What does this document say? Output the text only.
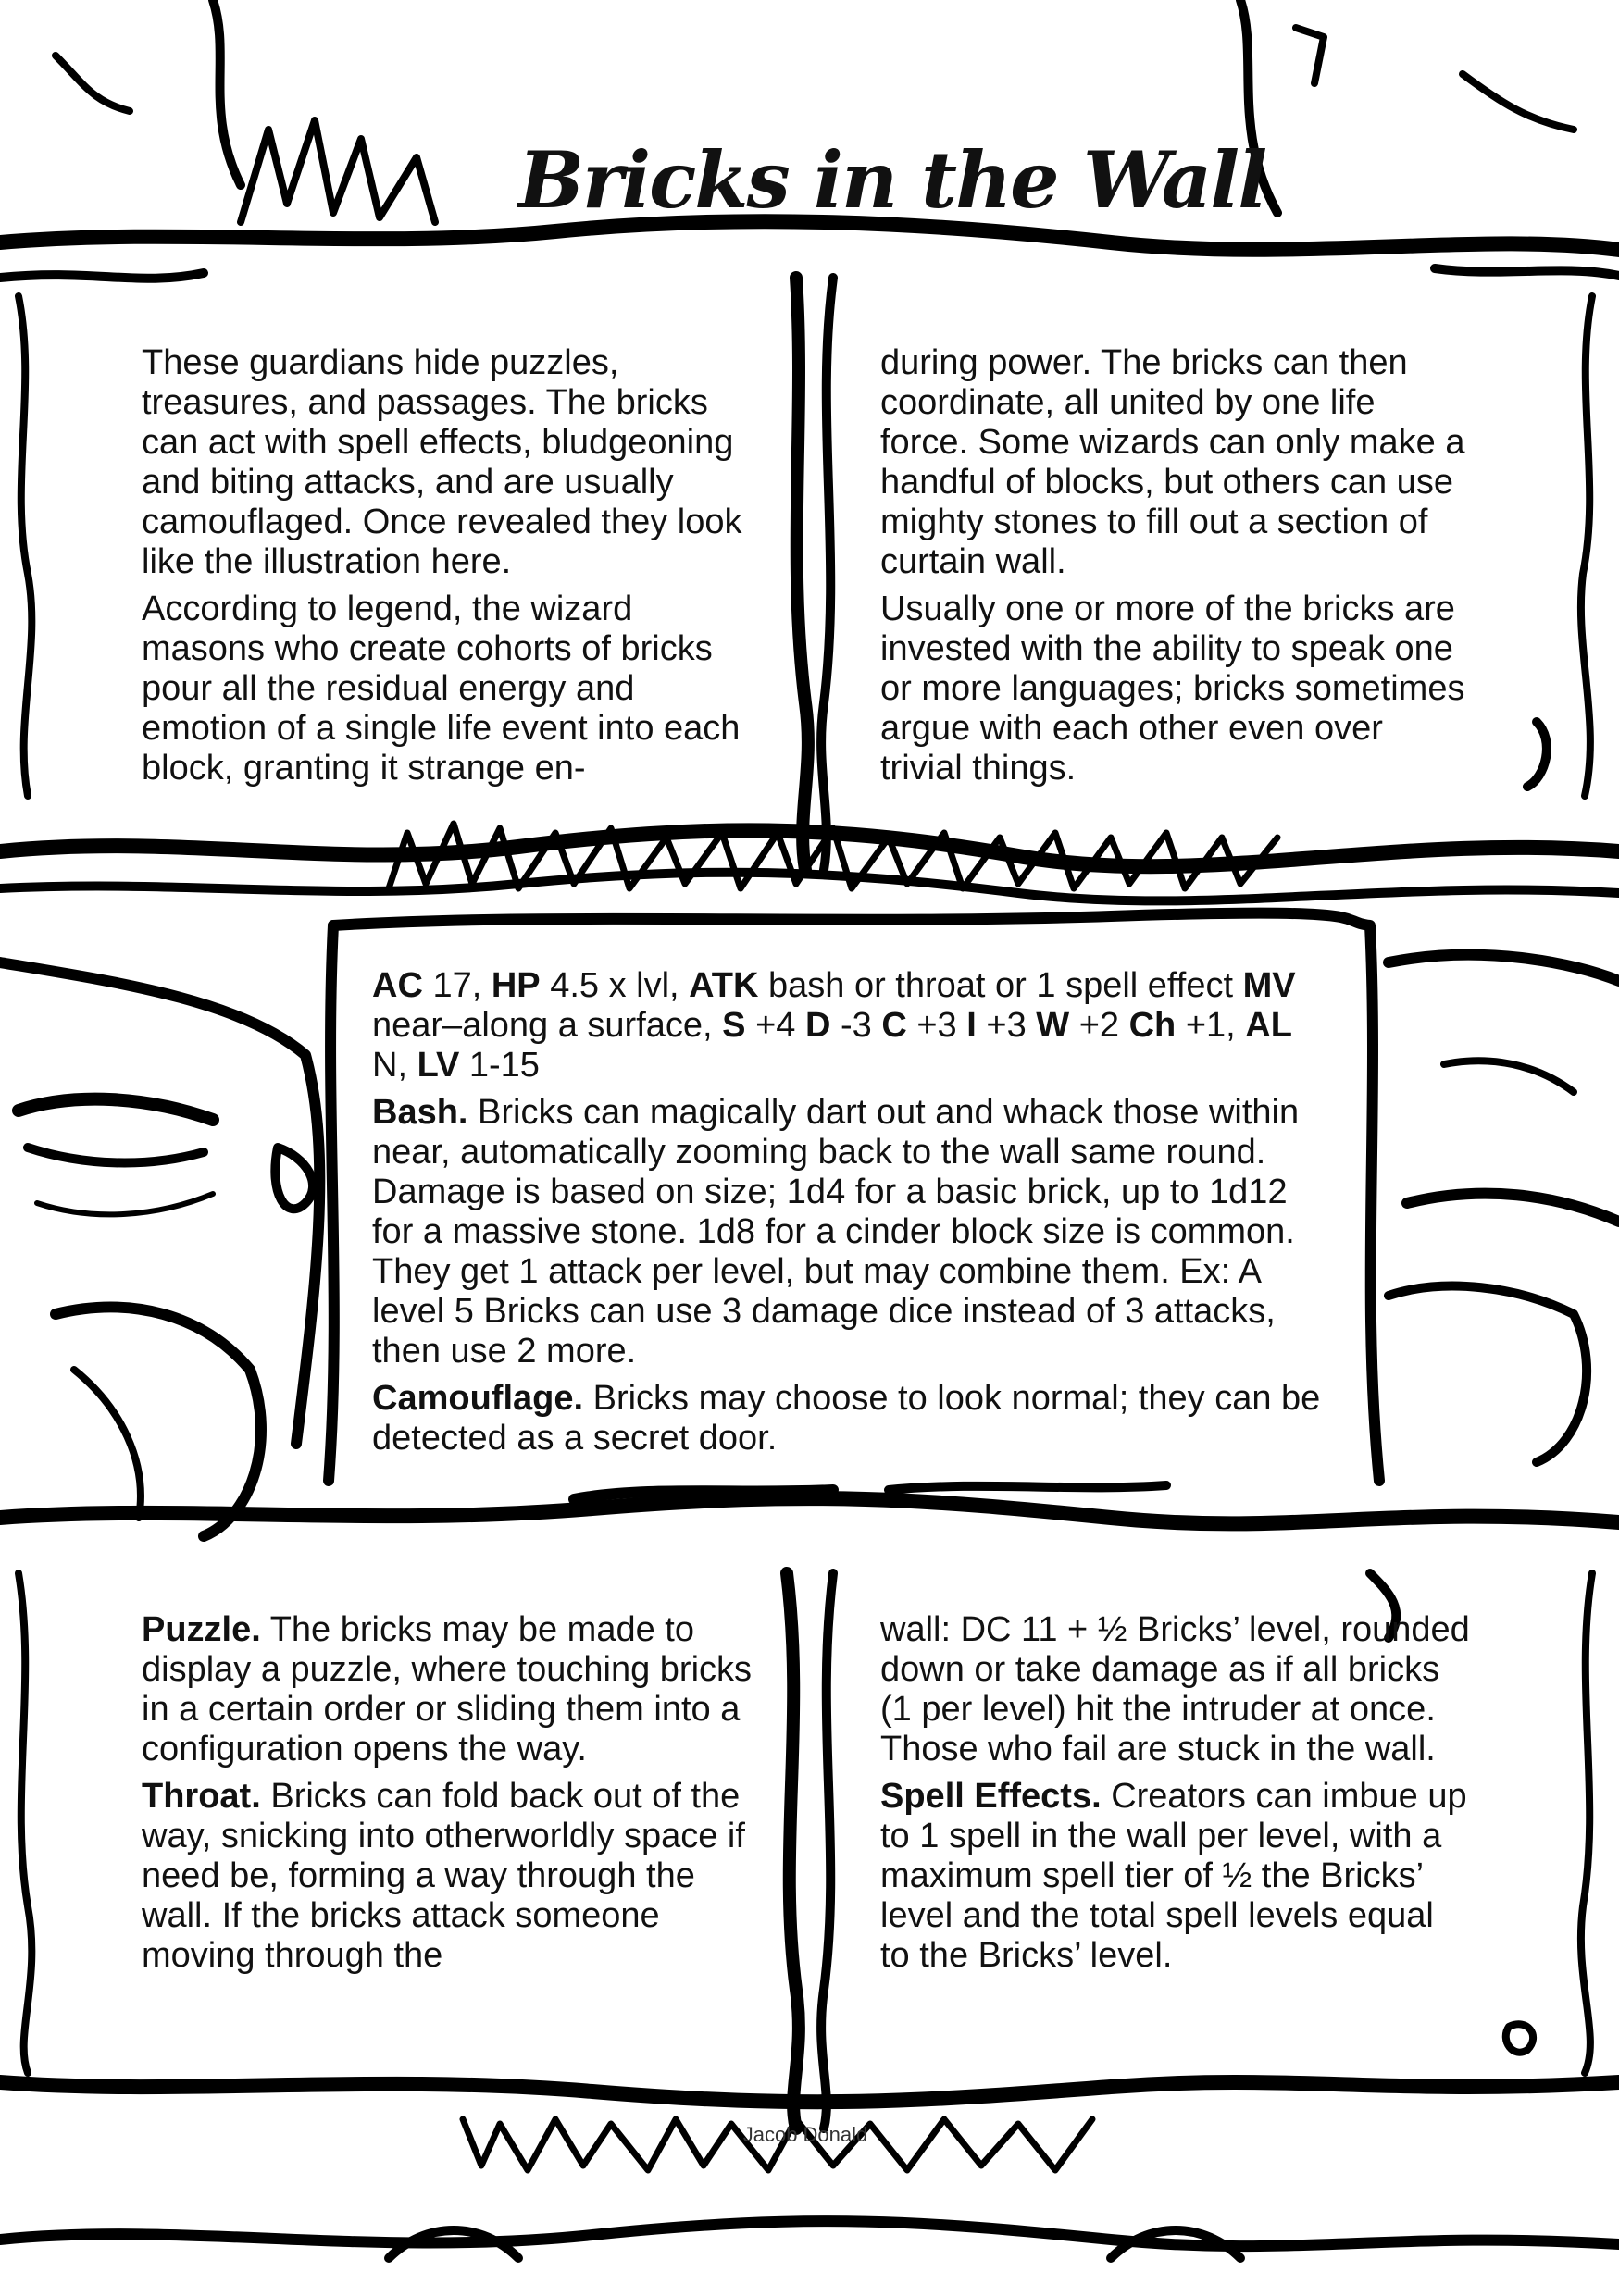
Bricks in the Wall

These guardians hide puzzles, treasures, and passages. The bricks can act with spell effects, bludgeoning and biting attacks, and are usually camouflaged. Once revealed they look like the illustration here.

According to legend, the wizard masons who create cohorts of bricks pour all the residual energy and emotion of a single life event into each block, granting it strange en-

during power. The bricks can then coordinate, all united by one life force. Some wizards can only make a handful of blocks, but others can use mighty stones to fill out a section of curtain wall.

Usually one or more of the bricks are invested with the ability to speak one or more languages; bricks sometimes argue with each other even over trivial things.

AC 17, HP 4.5 x lvl, ATK bash or throat or 1 spell effect MV near–along a surface, S +4 D -3 C +3 I +3 W +2 Ch +1, AL N, LV 1-15

Bash. Bricks can magically dart out and whack those within near, automatically zooming back to the wall same round. Damage is based on size; 1d4 for a basic brick, up to 1d12 for a massive stone. 1d8 for a cinder block size is common. They get 1 attack per level, but may combine them. Ex: A level 5 Bricks can use 3 damage dice instead of 3 attacks, then use 2 more.

Camouflage. Bricks may choose to look normal; they can be detected as a secret door.

Puzzle. The bricks may be made to display a puzzle, where touching bricks in a certain order or sliding them into a configuration opens the way.

Throat. Bricks can fold back out of the way, snicking into otherworldly space if need be, forming a way through the wall. If the bricks attack someone moving through the

wall: DC 11 + ½ Bricks’ level, rounded down or take damage as if all bricks (1 per level) hit the intruder at once. Those who fail are stuck in the wall.

Spell Effects. Creators can imbue up to 1 spell in the wall per level, with a maximum spell tier of ½ the Bricks’ level and the total spell levels equal to the Bricks’ level.

Jacob Donald
